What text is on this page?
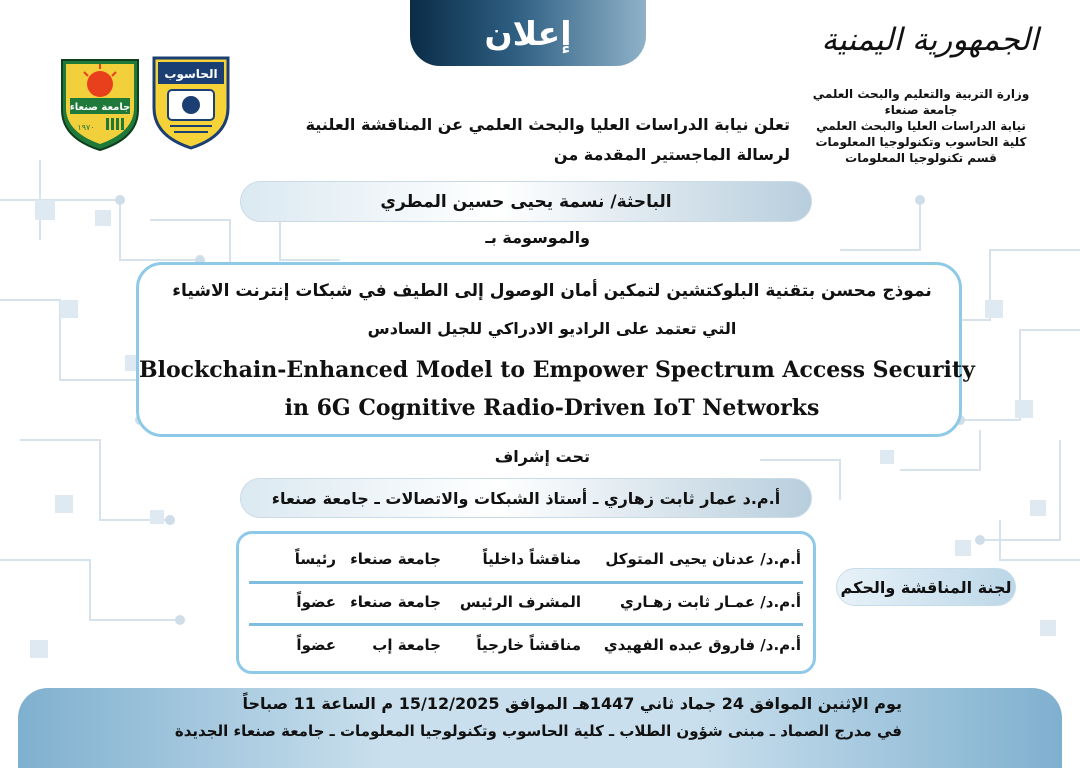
إعلان	الجمهورية اليمنية
وزارة التربية والتعليم والبحث العلمي
جامعة صنعاء
نيابة الدراسات العليا والبحث العلمي
كلية الحاسوب وتكنولوجيا المعلومات
قسم تكنولوجيا المعلومات
جامعة صنعاء
١٩٧٠
الحاسوب
تعلن نيابة الدراسات العليا والبحث العلمي عن المناقشة العلنية
لرسالة الماجستير المقدمة من
الباحثة/ نسمة يحيى حسين المطري
والموسومة بـ
نموذج محسن بتقنية البلوكتشين لتمكين أمان الوصول إلى الطيف في شبكات إنترنت الاشياء
التي تعتمد على الراديو الادراكي للجيل السادس
Blockchain-Enhanced Model to Empower Spectrum Access Security
in 6G Cognitive Radio-Driven IoT Networks
تحت إشراف
أ.م.د عمار ثابت زهاري ـ أستاذ الشبكات والاتصالات ـ جامعة صنعاء
أ.م.د/ عدنان يحيى المتوكل
مناقشاً داخلياً
جامعة صنعاء
رئيساً
أ.م.د/ عمـار ثابت زهـاري
المشرف الرئيس
جامعة صنعاء
عضواً
أ.م.د/ فاروق عبده الفهيدي
مناقشاً خارجياً
جامعة إب
عضواً
لجنة المناقشة والحكم
يوم الإثنين الموافق 24 جماد ثاني 1447هـ الموافق 15/12/2025 م الساعة 11 صباحاً
في مدرج الصماد ـ مبنى شؤون الطلاب ـ كلية الحاسوب وتكنولوجيا المعلومات ـ جامعة صنعاء الجديدة
